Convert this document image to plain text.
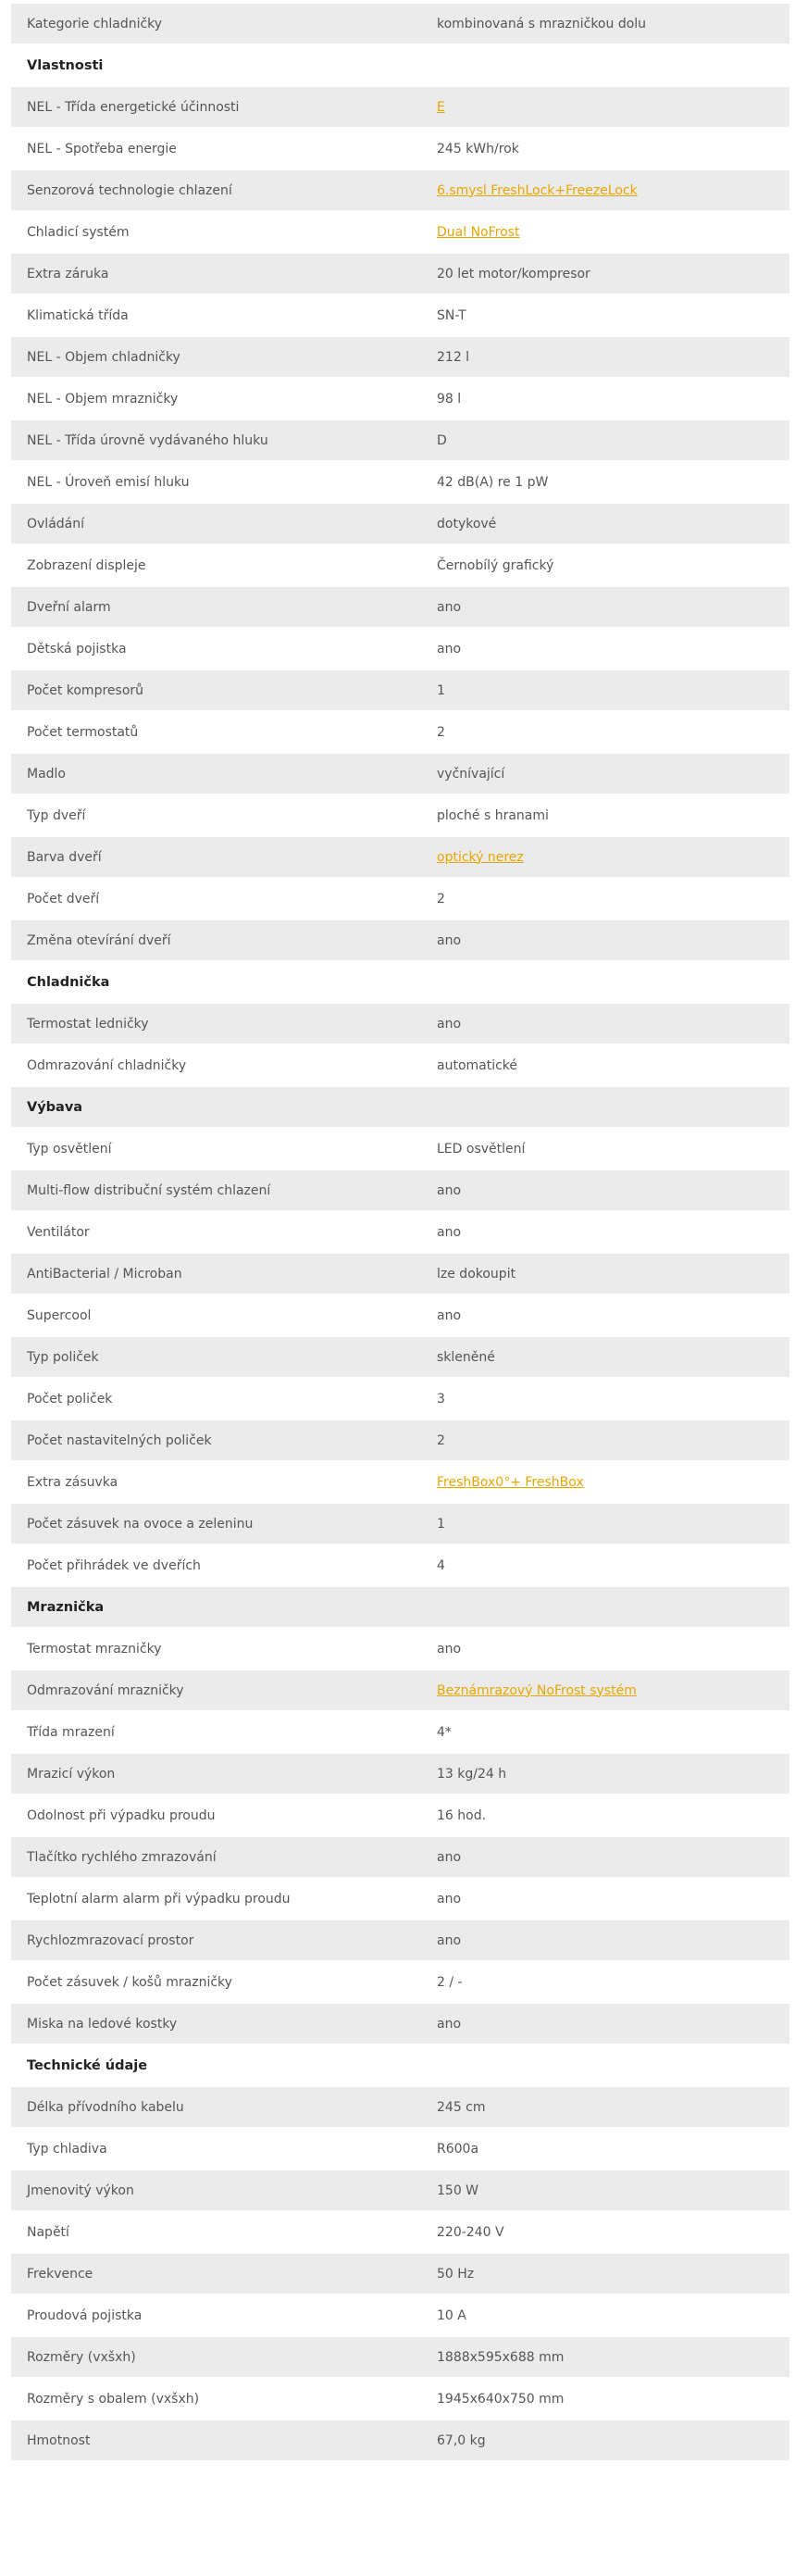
Kategorie chladničky	kombinovaná s mrazničkou dolu
Vlastnosti
NEL - Třída energetické účinnosti	E
NEL - Spotřeba energie	245 kWh/rok
Senzorová technologie chlazení	6.smysl FreshLock+FreezeLock
Chladicí systém	Dual NoFrost
Extra záruka	20 let motor/kompresor
Klimatická třída	SN-T
NEL - Objem chladničky	212 l
NEL - Objem mrazničky	98 l
NEL - Třída úrovně vydávaného hluku	D
NEL - Úroveň emisí hluku	42 dB(A) re 1 pW
Ovládání	dotykové
Zobrazení displeje	Černobílý grafický
Dveřní alarm	ano
Dětská pojistka	ano
Počet kompresorů	1
Počet termostatů	2
Madlo	vyčnívající
Typ dveří	ploché s hranami
Barva dveří	optický nerez
Počet dveří	2
Změna otevírání dveří	ano
Chladnička
Termostat ledničky	ano
Odmrazování chladničky	automatické
Výbava
Typ osvětlení	LED osvětlení
Multi-flow distribuční systém chlazení	ano
Ventilátor	ano
AntiBacterial / Microban	lze dokoupit
Supercool	ano
Typ poliček	skleněné
Počet poliček	3
Počet nastavitelných poliček	2
Extra zásuvka	FreshBox0°+ FreshBox
Počet zásuvek na ovoce a zeleninu	1
Počet přihrádek ve dveřích	4
Mraznička
Termostat mrazničky	ano
Odmrazování mrazničky	Beznámrazový NoFrost systém
Třída mrazení	4*
Mrazicí výkon	13 kg/24 h
Odolnost při výpadku proudu	16 hod.
Tlačítko rychlého zmrazování	ano
Teplotní alarm alarm při výpadku proudu	ano
Rychlozmrazovací prostor	ano
Počet zásuvek / košů mrazničky	2 / -
Miska na ledové kostky	ano
Technické údaje
Délka přívodního kabelu	245 cm
Typ chladiva	R600a
Jmenovitý výkon	150 W
Napětí	220-240 V
Frekvence	50 Hz
Proudová pojistka	10 A
Rozměry (vxšxh)	1888x595x688 mm
Rozměry s obalem (vxšxh)	1945x640x750 mm
Hmotnost	67,0 kg
